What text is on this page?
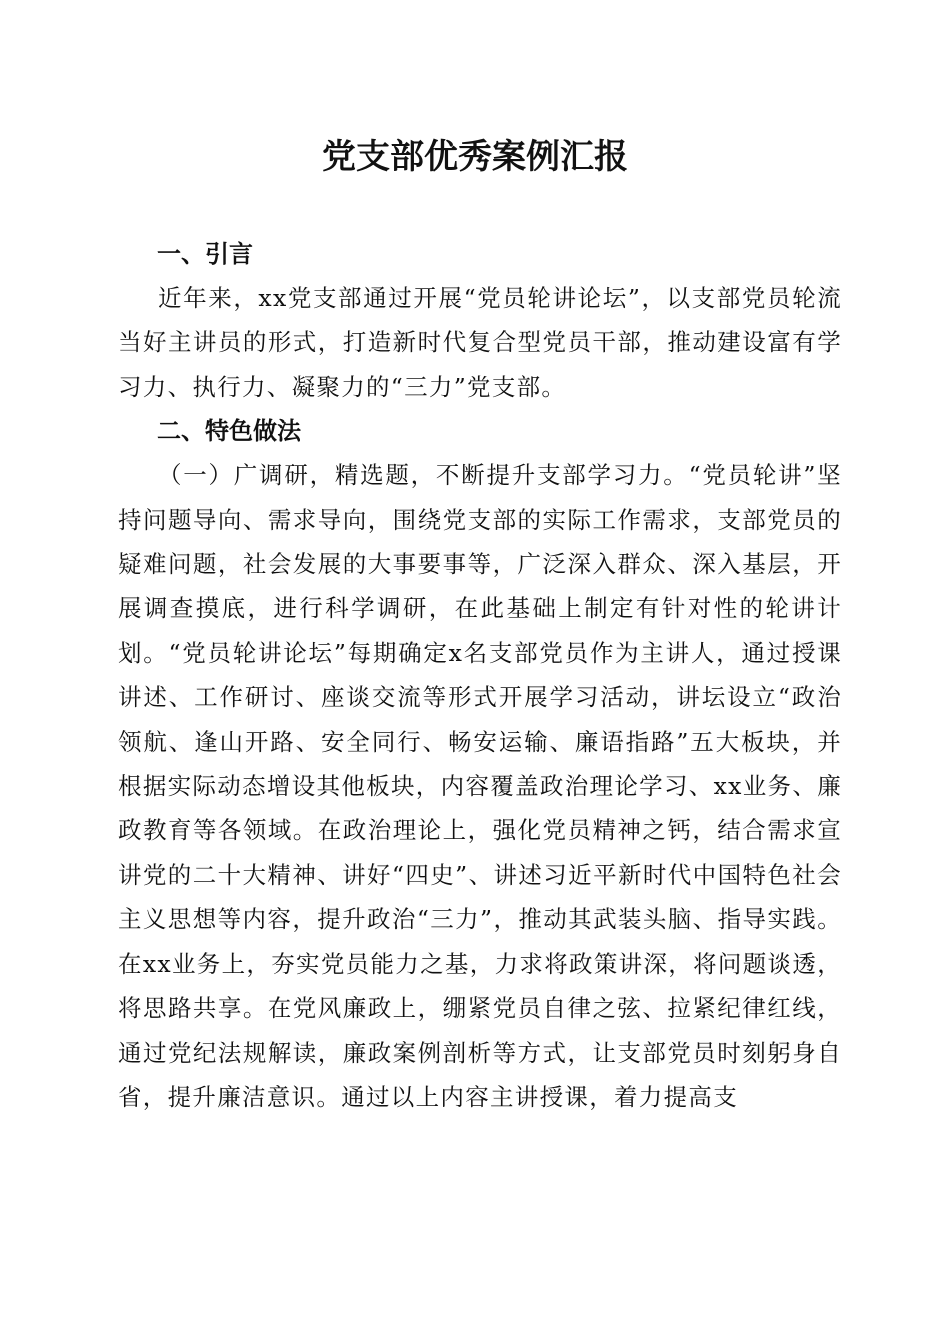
党支部优秀案例汇报
一、引言

近年来，xx党支部通过开展“党员轮讲论坛”，以支部党员轮流当好主讲员的形式，打造新时代复合型党员干部，推动建设富有学习力、执行力、凝聚力的“三力”党支部。

二、特色做法

（一）广调研，精选题，不断提升支部学习力。“党员轮讲”坚持问题导向、需求导向，围绕党支部的实际工作需求，支部党员的疑难问题，社会发展的大事要事等，广泛深入群众、深入基层，开展调查摸底，进行科学调研，在此基础上制定有针对性的轮讲计划。“党员轮讲论坛”每期确定x名支部党员作为主讲人，通过授课讲述、工作研讨、座谈交流等形式开展学习活动，讲坛设立“政治领航、逢山开路、安全同行、畅安运输、廉语指路”五大板块，并根据实际动态增设其他板块，内容覆盖政治理论学习、xx业务、廉政教育等各领域。在政治理论上，强化党员精神之钙，结合需求宣讲党的二十大精神、讲好“四史”、讲述习近平新时代中国特色社会主义思想等内容，提升政治“三力”，推动其武装头脑、指导实践。在xx业务上，夯实党员能力之基，力求将政策讲深，将问题谈透，将思路共享。在党风廉政上，绷紧党员自律之弦、拉紧纪律红线，通过党纪法规解读，廉政案例剖析等方式，让支部党员时刻躬身自省，提升廉洁意识。通过以上内容主讲授课，着力提高支
